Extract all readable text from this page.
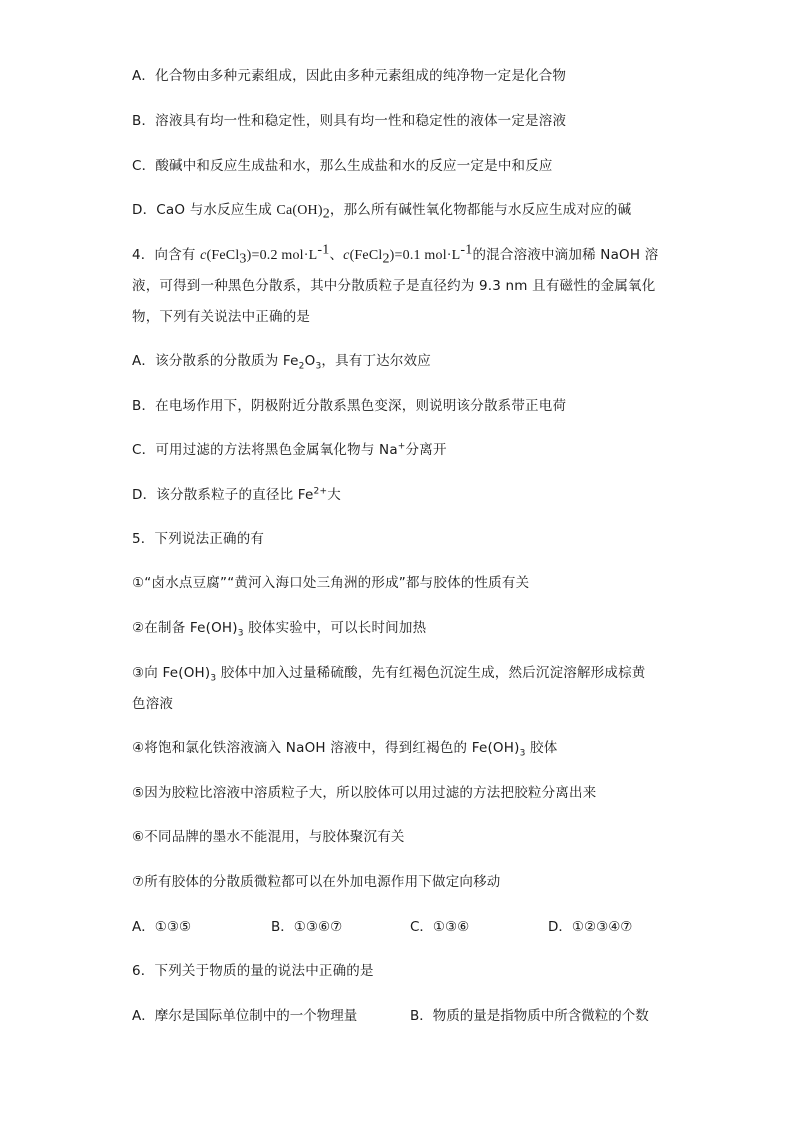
A．化合物由多种元素组成，因此由多种元素组成的纯净物一定是化合物
B．溶液具有均一性和稳定性，则具有均一性和稳定性的液体一定是溶液
C．酸碱中和反应生成盐和水，那么生成盐和水的反应一定是中和反应
D．CaO 与水反应生成 $Ca(OH)_2$，那么所有碱性氧化物都能与水反应生成对应的碱
4．向含有 c(FeCl$_3$)=0.2 $mol\cdot L^{-1}$、c(FeCl$_2$)=0.1 $mol\cdot L^{-1}$的混合溶液中滴加稀 NaOH 溶
液，可得到一种黑色分散系，其中分散质粒子是直径约为 9.3 nm 且有磁性的金属氧化
物，下列有关说法中正确的是
A．该分散系的分散质为 $Fe_2O_3$，具有丁达尔效应
B．在电场作用下，阴极附近分散系黑色变深，则说明该分散系带正电荷
C．可用过滤的方法将黑色金属氧化物与 Na+分离开
D．该分散系粒子的直径比 $Fe^{2+}$大
5．下列说法正确的有
①“卤水点豆腐”“黄河入海口处三角洲的形成”都与胶体的性质有关
②在制备 $Fe(OH)_3$ 胶体实验中，可以长时间加热
③向 $Fe(OH)_3$ 胶体中加入过量稀硫酸，先有红褐色沉淀生成，然后沉淀溶解形成棕黄
色溶液
④将饱和氯化铁溶液滴入 NaOH 溶液中，得到红褐色的 $Fe(OH)_3$ 胶体
⑤因为胶粒比溶液中溶质粒子大，所以胶体可以用过滤的方法把胶粒分离出来
⑥不同品牌的墨水不能混用，与胶体聚沉有关
⑦所有胶体的分散质微粒都可以在外加电源作用下做定向移动
A．①③⑤	B．①③⑥⑦	C．①③⑥	D．①②③④⑦
6．下列关于物质的量的说法中正确的是
A．摩尔是国际单位制中的一个物理量	B．物质的量是指物质中所含微粒的个数
